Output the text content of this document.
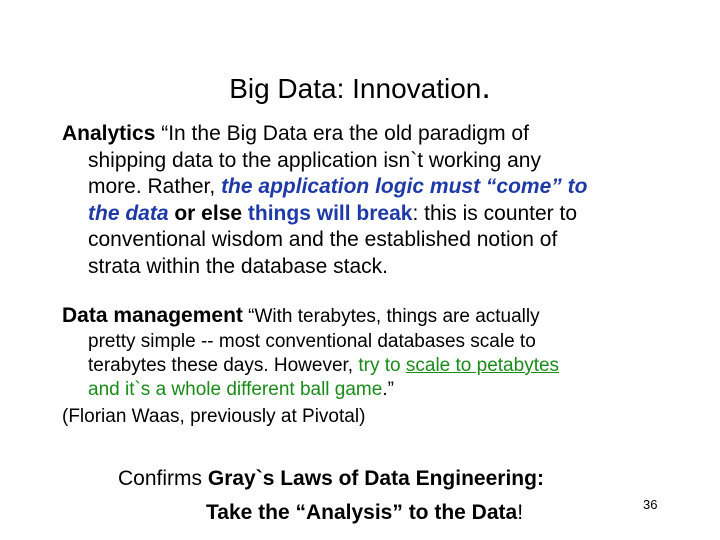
Big Data: Innovation.
Analytics “In the Big Data era the old paradigm of
shipping data to the application isn`t working any
more. Rather, the application logic must “come” to
the data or else things will break: this is counter to
conventional wisdom and the established notion of
strata within the database stack.
Data management “With terabytes, things are actually
pretty simple -- most conventional databases scale to
terabytes these days. However, try to scale to petabytes
and it`s a whole different ball game.”
(Florian Waas, previously at Pivotal)
Confirms Gray`s Laws of Data Engineering:
Take the “Analysis” to the Data!	36
